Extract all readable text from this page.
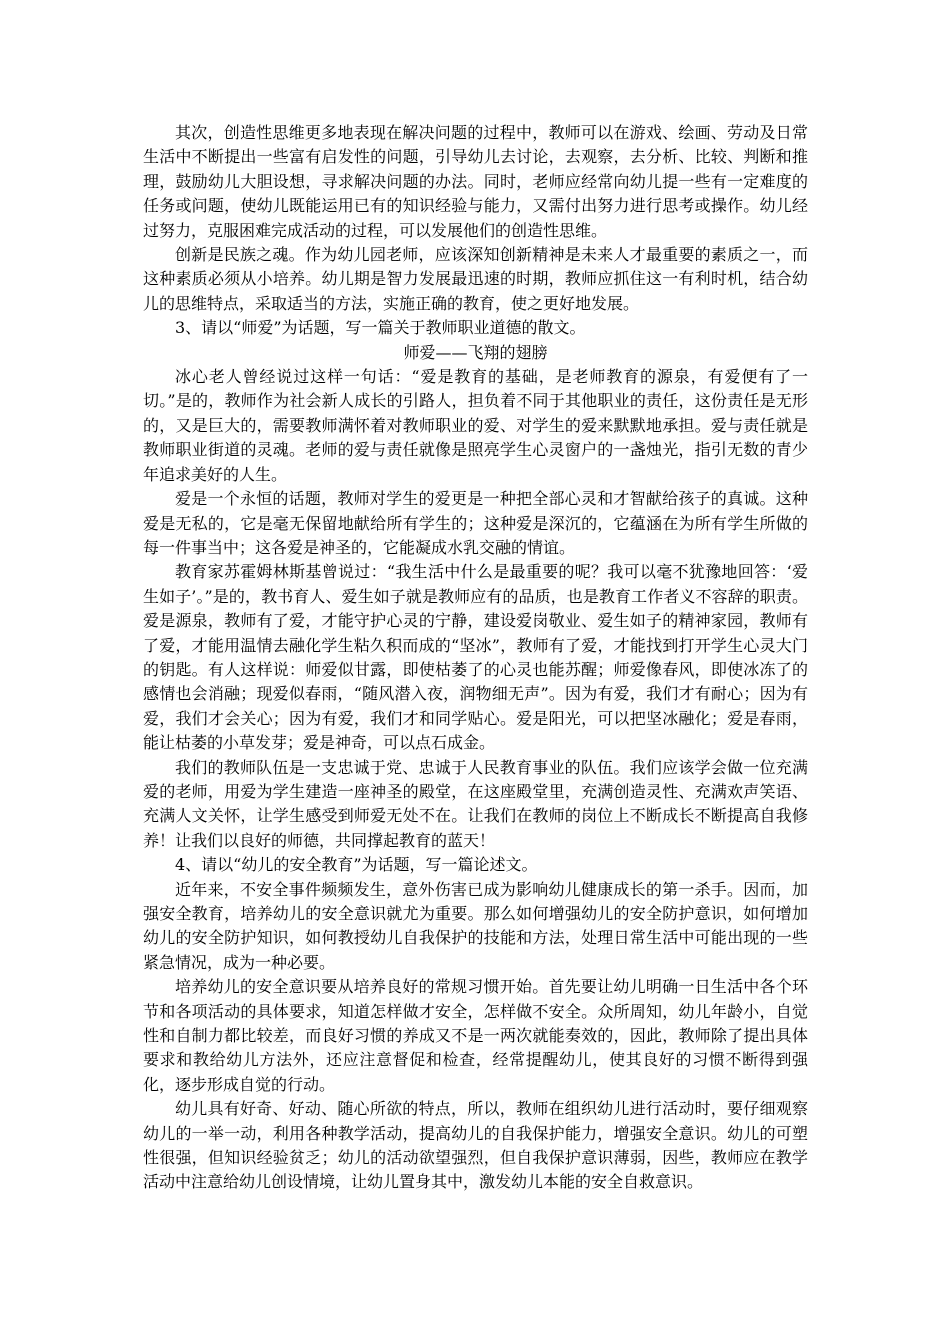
其次，创造性思维更多地表现在解决问题的过程中，教师可以在游戏、绘画、劳动及日常生活中不断提出一些富有启发性的问题，引导幼儿去讨论，去观察，去分析、比较、判断和推理，鼓励幼儿大胆设想，寻求解决问题的办法。同时，老师应经常向幼儿提一些有一定难度的任务或问题，使幼儿既能运用已有的知识经验与能力，又需付出努力进行思考或操作。幼儿经过努力，克服困难完成活动的过程，可以发展他们的创造性思维。

创新是民族之魂。作为幼儿园老师，应该深知创新精神是未来人才最重要的素质之一，而这种素质必须从小培养。幼儿期是智力发展最迅速的时期，教师应抓住这一有利时机，结合幼儿的思维特点，采取适当的方法，实施正确的教育，使之更好地发展。

3、请以“师爱”为话题，写一篇关于教师职业道德的散文。

师爱——飞翔的翅膀

冰心老人曾经说过这样一句话：“爱是教育的基础，是老师教育的源泉，有爱便有了一切。”是的，教师作为社会新人成长的引路人，担负着不同于其他职业的责任，这份责任是无形的，又是巨大的，需要教师满怀着对教师职业的爱、对学生的爱来默默地承担。爱与责任就是教师职业街道的灵魂。老师的爱与责任就像是照亮学生心灵窗户的一盏烛光，指引无数的青少年追求美好的人生。

爱是一个永恒的话题，教师对学生的爱更是一种把全部心灵和才智献给孩子的真诚。这种爱是无私的，它是毫无保留地献给所有学生的；这种爱是深沉的，它蕴涵在为所有学生所做的每一件事当中；这各爱是神圣的，它能凝成水乳交融的情谊。

教育家苏霍姆林斯基曾说过：“我生活中什么是最重要的呢？我可以毫不犹豫地回答：‘爱生如子’。”是的，教书育人、爱生如子就是教师应有的品质，也是教育工作者义不容辞的职责。爱是源泉，教师有了爱，才能守护心灵的宁静，建设爱岗敬业、爱生如子的精神家园，教师有了爱，才能用温情去融化学生粘久积而成的“坚冰”，教师有了爱，才能找到打开学生心灵大门的钥匙。有人这样说：师爱似甘露，即使枯萎了的心灵也能苏醒；师爱像春风，即使冰冻了的感情也会消融；现爱似春雨，“随风潜入夜，润物细无声”。因为有爱，我们才有耐心；因为有爱，我们才会关心；因为有爱，我们才和同学贴心。爱是阳光，可以把坚冰融化；爱是春雨，能让枯萎的小草发芽；爱是神奇，可以点石成金。

我们的教师队伍是一支忠诚于党、忠诚于人民教育事业的队伍。我们应该学会做一位充满爱的老师，用爱为学生建造一座神圣的殿堂，在这座殿堂里，充满创造灵性、充满欢声笑语、充满人文关怀，让学生感受到师爱无处不在。让我们在教师的岗位上不断成长不断提高自我修养！让我们以良好的师德，共同撑起教育的蓝天！

4、请以“幼儿的安全教育”为话题，写一篇论述文。

近年来，不安全事件频频发生，意外伤害已成为影响幼儿健康成长的第一杀手。因而，加强安全教育，培养幼儿的安全意识就尤为重要。那么如何增强幼儿的安全防护意识，如何增加幼儿的安全防护知识，如何教授幼儿自我保护的技能和方法，处理日常生活中可能出现的一些紧急情况，成为一种必要。

培养幼儿的安全意识要从培养良好的常规习惯开始。首先要让幼儿明确一日生活中各个环节和各项活动的具体要求，知道怎样做才安全，怎样做不安全。众所周知，幼儿年龄小，自觉性和自制力都比较差，而良好习惯的养成又不是一两次就能奏效的，因此，教师除了提出具体要求和教给幼儿方法外，还应注意督促和检查，经常提醒幼儿，使其良好的习惯不断得到强化，逐步形成自觉的行动。

幼儿具有好奇、好动、随心所欲的特点，所以，教师在组织幼儿进行活动时，要仔细观察幼儿的一举一动，利用各种教学活动，提高幼儿的自我保护能力，增强安全意识。幼儿的可塑性很强，但知识经验贫乏；幼儿的活动欲望强烈，但自我保护意识薄弱，因些，教师应在教学活动中注意给幼儿创设情境，让幼儿置身其中，激发幼儿本能的安全自救意识。
